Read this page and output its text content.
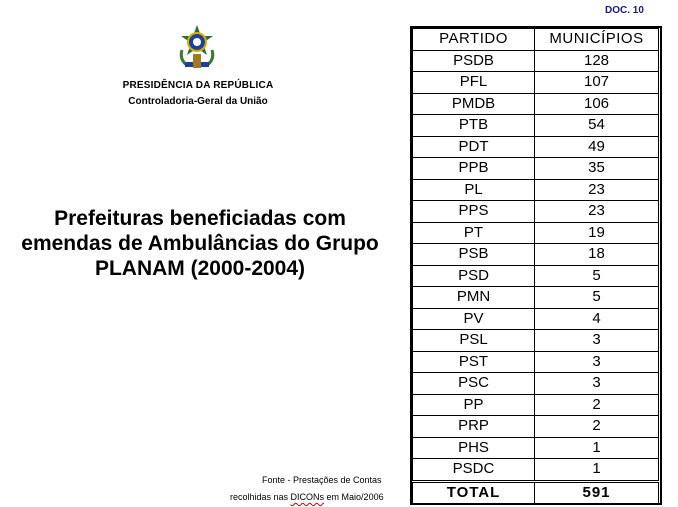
DOC. 10
PRESIDÊNCIA DA REPÚBLICA
Controladoria-Geral da União
Prefeituras beneficiadas com
emendas de Ambulâncias do Grupo
PLANAM (2000-2004)
Fonte - Prestações de Contas
recolhidas nas DICONs em Maio/2006
PARTIDO	MUNICÍPIOS
PSDB	128
PFL	107
PMDB	106
PTB	54
PDT	49
PPB	35
PL	23
PPS	23
PT	19
PSB	18
PSD	5
PMN	5
PV	4
PSL	3
PST	3
PSC	3
PP	2
PRP	2
PHS	1
PSDC	1
TOTAL	591
